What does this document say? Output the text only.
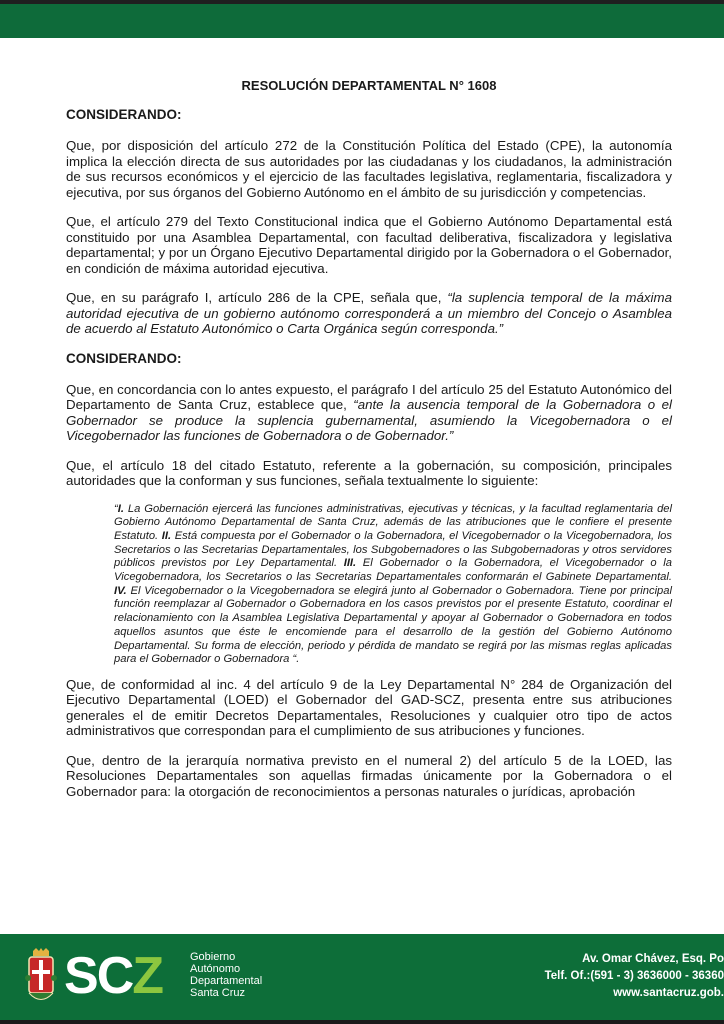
RESOLUCIÓN DEPARTAMENTAL N° 1608
CONSIDERANDO:

Que, por disposición del artículo 272 de la Constitución Política del Estado (CPE), la autonomía implica la elección directa de sus autoridades por las ciudadanas y los ciudadanos, la administración de sus recursos económicos y el ejercicio de las facultades legislativa, reglamentaria, fiscalizadora y ejecutiva, por sus órganos del Gobierno Autónomo en el ámbito de su jurisdicción y competencias.

Que, el artículo 279 del Texto Constitucional indica que el Gobierno Autónomo Departamental está constituido por una Asamblea Departamental, con facultad deliberativa, fiscalizadora y legislativa departamental; y por un Órgano Ejecutivo Departamental dirigido por la Gobernadora o el Gobernador, en condición de máxima autoridad ejecutiva.

Que, en su parágrafo I, artículo 286 de la CPE, señala que, “la suplencia temporal de la máxima autoridad ejecutiva de un gobierno autónomo corresponderá a un miembro del Concejo o Asamblea de acuerdo al Estatuto Autonómico o Carta Orgánica según corresponda.”

CONSIDERANDO:

Que, en concordancia con lo antes expuesto, el parágrafo I del artículo 25 del Estatuto Autonómico del Departamento de Santa Cruz, establece que, “ante la ausencia temporal de la Gobernadora o el Gobernador se produce la suplencia gubernamental, asumiendo la Vicegobernadora o el Vicegobernador las funciones de Gobernadora o de Gobernador.”

Que, el artículo 18 del citado Estatuto, referente a la gobernación, su composición, principales autoridades que la conforman y sus funciones, señala textualmente lo siguiente:

“I. La Gobernación ejercerá las funciones administrativas, ejecutivas y técnicas, y la facultad reglamentaria del Gobierno Autónomo Departamental de Santa Cruz, además de las atribuciones que le confiere el presente Estatuto. II. Está compuesta por el Gobernador o la Gobernadora, el Vicegobernador o la Vicegobernadora, los Secretarios o las Secretarias Departamentales, los Subgobernadores o las Subgobernadoras y otros servidores públicos previstos por Ley Departamental. III. El Gobernador o la Gobernadora, el Vicegobernador o la Vicegobernadora, los Secretarios o las Secretarias Departamentales conformarán el Gabinete Departamental. IV. El Vicegobernador o la Vicegobernadora se elegirá junto al Gobernador o Gobernadora. Tiene por principal función reemplazar al Gobernador o Gobernadora en los casos previstos por el presente Estatuto, coordinar el relacionamiento con la Asamblea Legislativa Departamental y apoyar al Gobernador o Gobernadora en todos aquellos asuntos que éste le encomiende para el desarrollo de la gestión del Gobierno Autónomo Departamental. Su forma de elección, periodo y pérdida de mandato se regirá por las mismas reglas aplicadas para el Gobernador o Gobernadora “.

Que, de conformidad al inc. 4 del artículo 9 de la Ley Departamental N° 284 de Organización del Ejecutivo Departamental (LOED) el Gobernador del GAD-SCZ, presenta entre sus atribuciones generales el de emitir Decretos Departamentales, Resoluciones y cualquier otro tipo de actos administrativos que correspondan para el cumplimiento de sus atribuciones y funciones.

Que, dentro de la jerarquía normativa previsto en el numeral 2) del artículo 5 de la LOED, las Resoluciones Departamentales son aquellas firmadas únicamente por la Gobernadora o el Gobernador para: la otorgación de reconocimientos a personas naturales o jurídicas, aprobación

SCZ	Gobierno
Autónomo
Departamental
Santa Cruz
Av. Omar Chávez, Esq. Po
Telf. Of.:(591 - 3) 3636000 - 36360
www.santacruz.gob.
